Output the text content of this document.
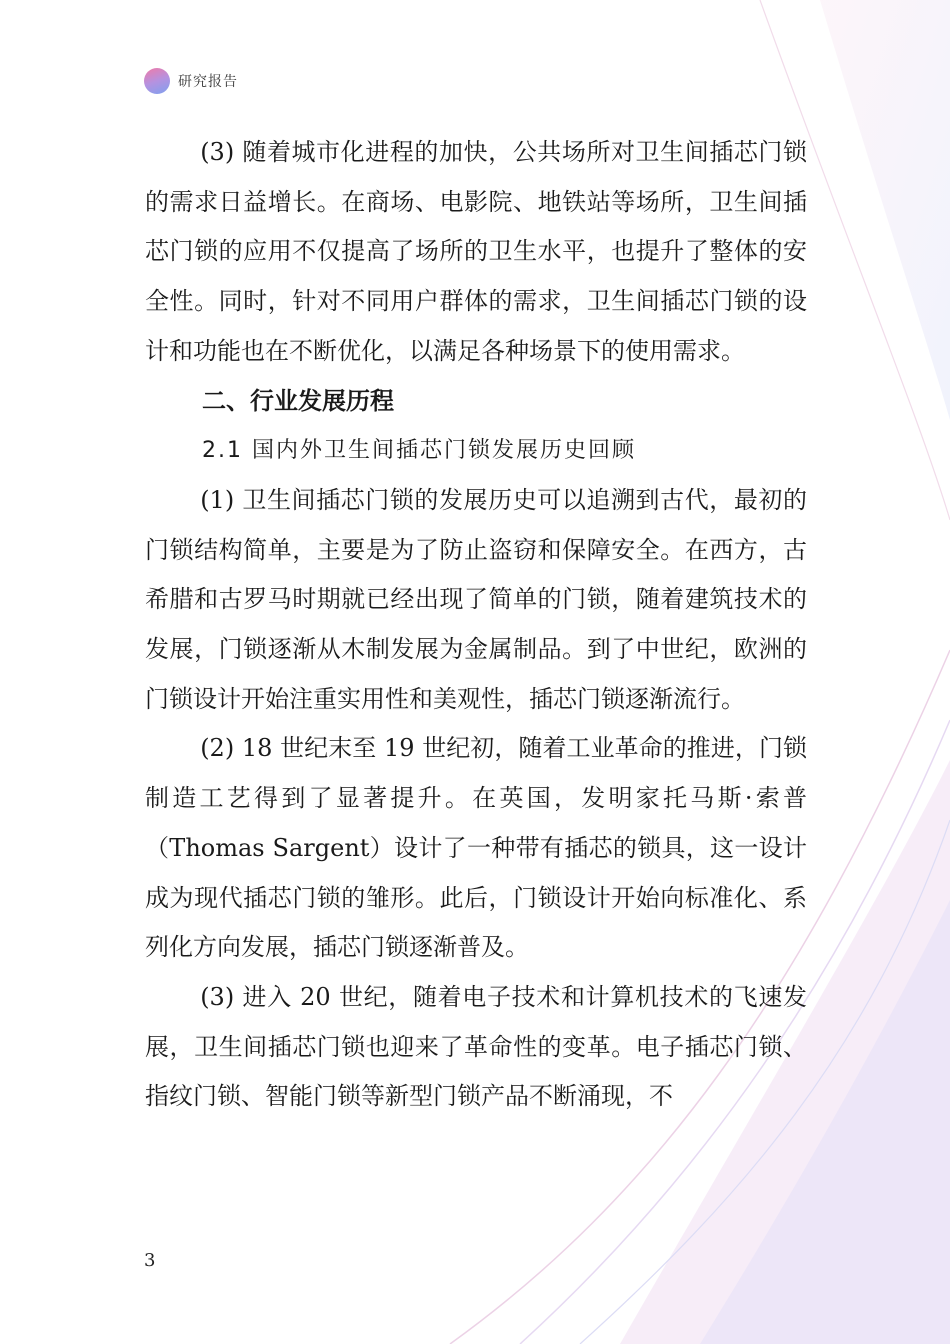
研究报告

(3) 随着城市化进程的加快，公共场所对卫生间插芯门锁的需求日益增长。在商场、电影院、地铁站等场所，卫生间插芯门锁的应用不仅提高了场所的卫生水平，也提升了整体的安全性。同时，针对不同用户群体的需求，卫生间插芯门锁的设计和功能也在不断优化，以满足各种场景下的使用需求。

二、行业发展历程

2.1 国内外卫生间插芯门锁发展历史回顾

(1) 卫生间插芯门锁的发展历史可以追溯到古代，最初的门锁结构简单，主要是为了防止盗窃和保障安全。在西方，古希腊和古罗马时期就已经出现了简单的门锁，随着建筑技术的发展，门锁逐渐从木制发展为金属制品。到了中世纪，欧洲的门锁设计开始注重实用性和美观性，插芯门锁逐渐流行。

(2) 18 世纪末至 19 世纪初，随着工业革命的推进，门锁制造工艺得到了显著提升。在英国，发明家托马斯·索普（Thomas Sargent）设计了一种带有插芯的锁具，这一设计成为现代插芯门锁的雏形。此后，门锁设计开始向标准化、系列化方向发展，插芯门锁逐渐普及。

(3) 进入 20 世纪，随着电子技术和计算机技术的飞速发展，卫生间插芯门锁也迎来了革命性的变革。电子插芯门锁、指纹门锁、智能门锁等新型门锁产品不断涌现，不

3
